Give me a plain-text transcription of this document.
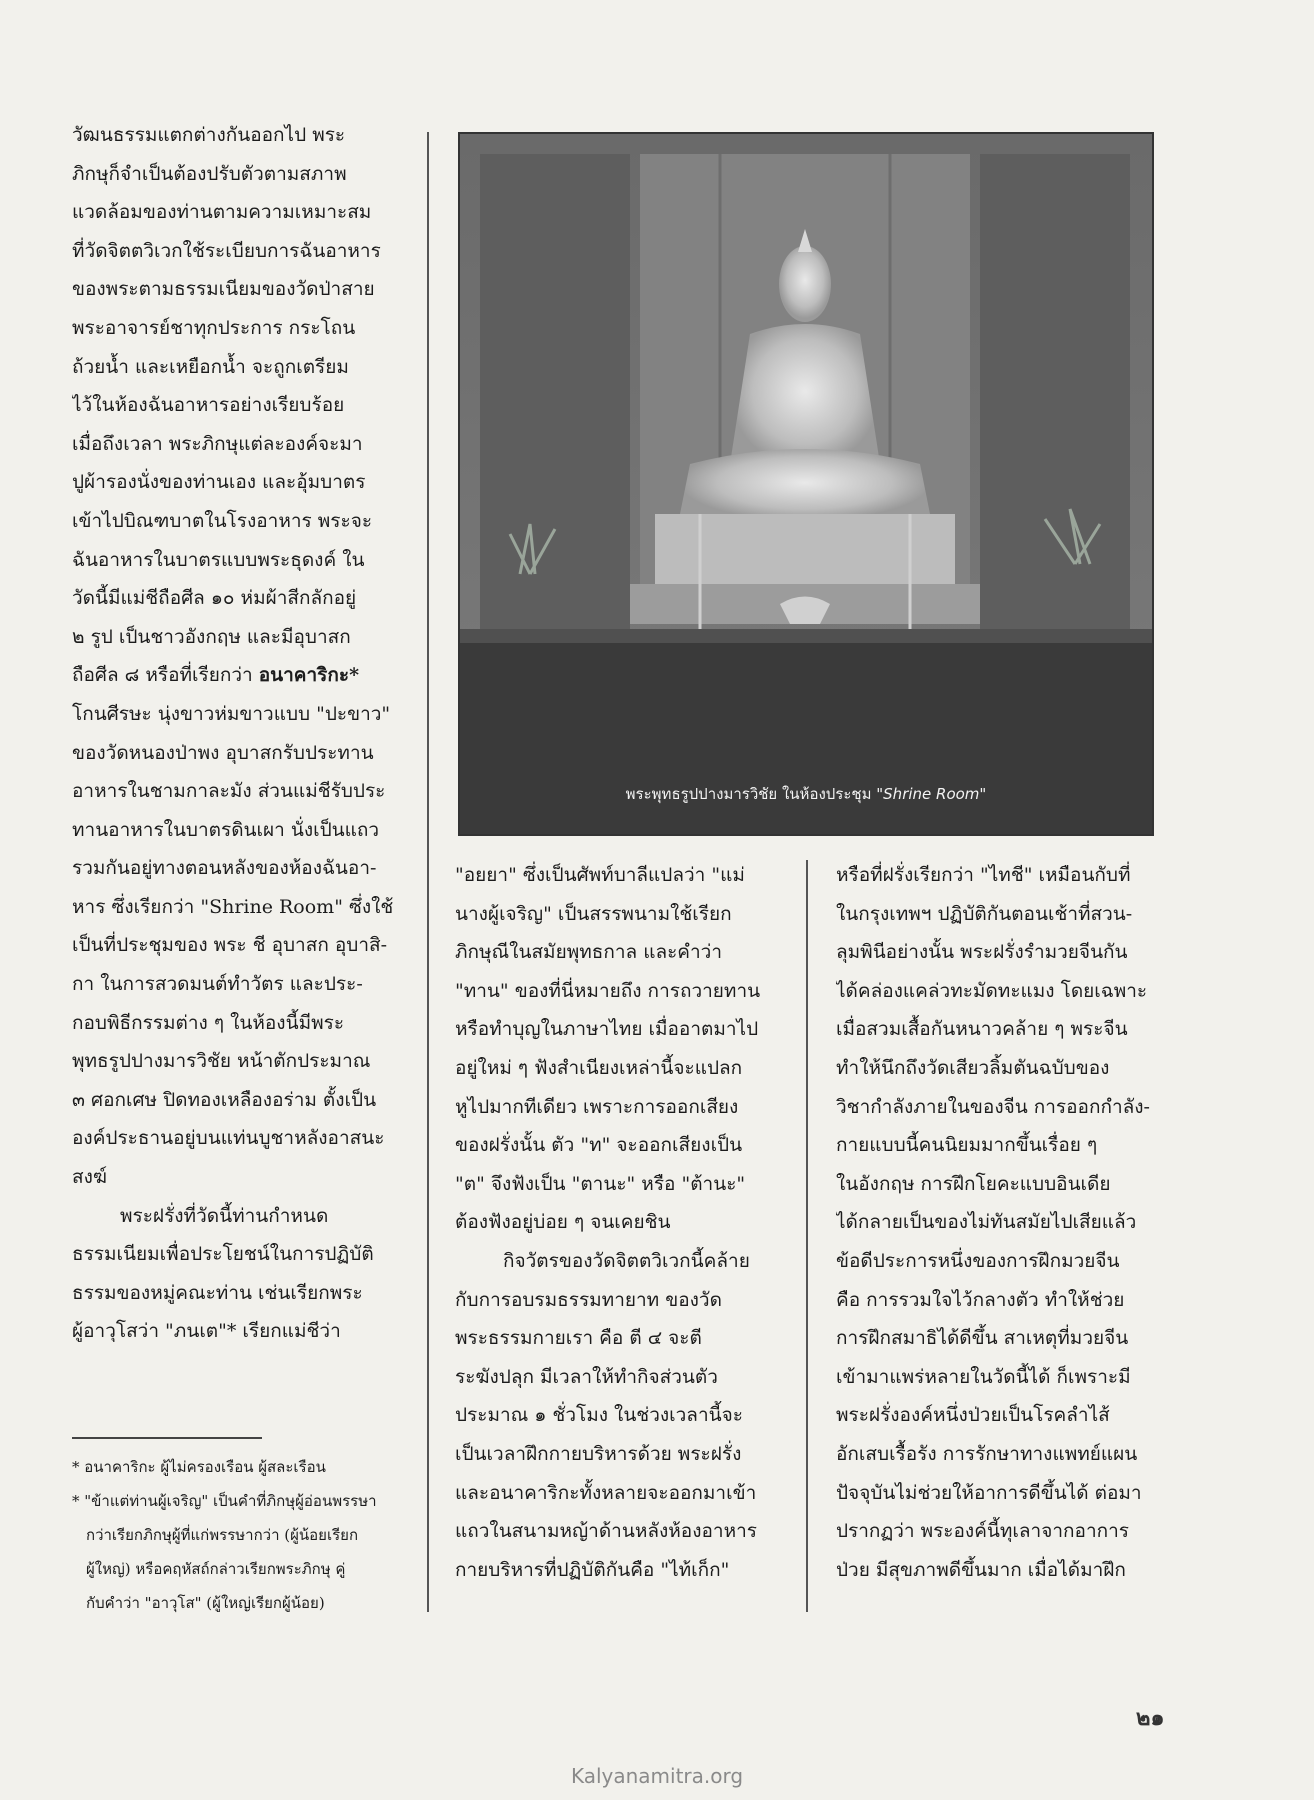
วัฒนธรรมแตกต่างกันออกไป พระ
ภิกษุก็จำเป็นต้องปรับตัวตามสภาพ
แวดล้อมของท่านตามความเหมาะสม
ที่วัดจิตตวิเวกใช้ระเบียบการฉันอาหาร
ของพระตามธรรมเนียมของวัดป่าสาย
พระอาจารย์ชาทุกประการ กระโถน
ถ้วยน้ำ และเหยือกน้ำ จะถูกเตรียม
ไว้ในห้องฉันอาหารอย่างเรียบร้อย
เมื่อถึงเวลา พระภิกษุแต่ละองค์จะมา
ปูผ้ารองนั่งของท่านเอง และอุ้มบาตร
เข้าไปบิณฑบาตในโรงอาหาร พระจะ
ฉันอาหารในบาตรแบบพระธุดงค์ ใน
วัดนี้มีแม่ชีถือศีล ๑๐ ห่มผ้าสีกลักอยู่
๒ รูป เป็นชาวอังกฤษ และมีอุบาสก
ถือศีล ๘ หรือที่เรียกว่า อนาคาริกะ*
โกนศีรษะ นุ่งขาวห่มขาวแบบ "ปะขาว"
ของวัดหนองป่าพง อุบาสกรับประทาน
อาหารในชามกาละมัง ส่วนแม่ชีรับประ
ทานอาหารในบาตรดินเผา นั่งเป็นแถว
รวมกันอยู่ทางตอนหลังของห้องฉันอา-
หาร ซึ่งเรียกว่า "Shrine Room" ซึ่งใช้
เป็นที่ประชุมของ พระ ชี อุบาสก อุบาสิ-
กา ในการสวดมนต์ทำวัตร และประ-
กอบพิธีกรรมต่าง ๆ ในห้องนี้มีพระ
พุทธรูปปางมารวิชัย หน้าตักประมาณ
๓ ศอกเศษ ปิดทองเหลืองอร่าม ตั้งเป็น
องค์ประธานอยู่บนแท่นบูชาหลังอาสนะ
สงฆ์
พระฝรั่งที่วัดนี้ท่านกำหนด
ธรรมเนียมเพื่อประโยชน์ในการปฏิบัติ
ธรรมของหมู่คณะท่าน เช่นเรียกพระ
ผู้อาวุโสว่า "ภนเต"* เรียกแม่ชีว่า
* อนาคาริกะ ผู้ไม่ครองเรือน ผู้สละเรือน
* "ข้าแต่ท่านผู้เจริญ" เป็นคำที่ภิกษุผู้อ่อนพรรษา
กว่าเรียกภิกษุผู้ที่แก่พรรษากว่า (ผู้น้อยเรียก
ผู้ใหญ่) หรือคฤหัสถ์กล่าวเรียกพระภิกษุ คู่
กับคำว่า "อาวุโส" (ผู้ใหญ่เรียกผู้น้อย)
พระพุทธรูปปางมารวิชัย ในห้องประชุม "Shrine Room"
"อยยา" ซึ่งเป็นศัพท์บาลีแปลว่า "แม่
นางผู้เจริญ" เป็นสรรพนามใช้เรียก
ภิกษุณีในสมัยพุทธกาล และคำว่า
"ทาน" ของที่นี่หมายถึง การถวายทาน
หรือทำบุญในภาษาไทย เมื่ออาตมาไป
อยู่ใหม่ ๆ ฟังสำเนียงเหล่านี้จะแปลก
หูไปมากทีเดียว เพราะการออกเสียง
ของฝรั่งนั้น ตัว "ท" จะออกเสียงเป็น
"ต" จึงฟังเป็น "ตานะ" หรือ "ต้านะ"
ต้องฟังอยู่บ่อย ๆ จนเคยชิน
กิจวัตรของวัดจิตตวิเวกนี้คล้าย
กับการอบรมธรรมทายาท ของวัด
พระธรรมกายเรา คือ ตี ๔ จะตี
ระฆังปลุก มีเวลาให้ทำกิจส่วนตัว
ประมาณ ๑ ชั่วโมง ในช่วงเวลานี้จะ
เป็นเวลาฝึกกายบริหารด้วย พระฝรั่ง
และอนาคาริกะทั้งหลายจะออกมาเข้า
แถวในสนามหญ้าด้านหลังห้องอาหาร
กายบริหารที่ปฏิบัติกันคือ "ไท้เก็ก"
หรือที่ฝรั่งเรียกว่า "ไทชี" เหมือนกับที่
ในกรุงเทพฯ ปฏิบัติกันตอนเช้าที่สวน-
ลุมพินีอย่างนั้น พระฝรั่งรำมวยจีนกัน
ได้คล่องแคล่วทะมัดทะแมง โดยเฉพาะ
เมื่อสวมเสื้อกันหนาวคล้าย ๆ พระจีน
ทำให้นึกถึงวัดเสียวลิ้มตันฉบับของ
วิชากำลังภายในของจีน การออกกำลัง-
กายแบบนี้คนนิยมมากขึ้นเรื่อย ๆ
ในอังกฤษ การฝึกโยคะแบบอินเดีย
ได้กลายเป็นของไม่ทันสมัยไปเสียแล้ว
ข้อดีประการหนึ่งของการฝึกมวยจีน
คือ การรวมใจไว้กลางตัว ทำให้ช่วย
การฝึกสมาธิได้ดีขึ้น สาเหตุที่มวยจีน
เข้ามาแพร่หลายในวัดนี้ได้ ก็เพราะมี
พระฝรั่งองค์หนึ่งป่วยเป็นโรคลำไส้
อักเสบเรื้อรัง การรักษาทางแพทย์แผน
ปัจจุบันไม่ช่วยให้อาการดีขึ้นได้ ต่อมา
ปรากฏว่า พระองค์นี้ทุเลาจากอาการ
ป่วย มีสุขภาพดีขึ้นมาก เมื่อได้มาฝึก
๒๑
Kalyanamitra.org
